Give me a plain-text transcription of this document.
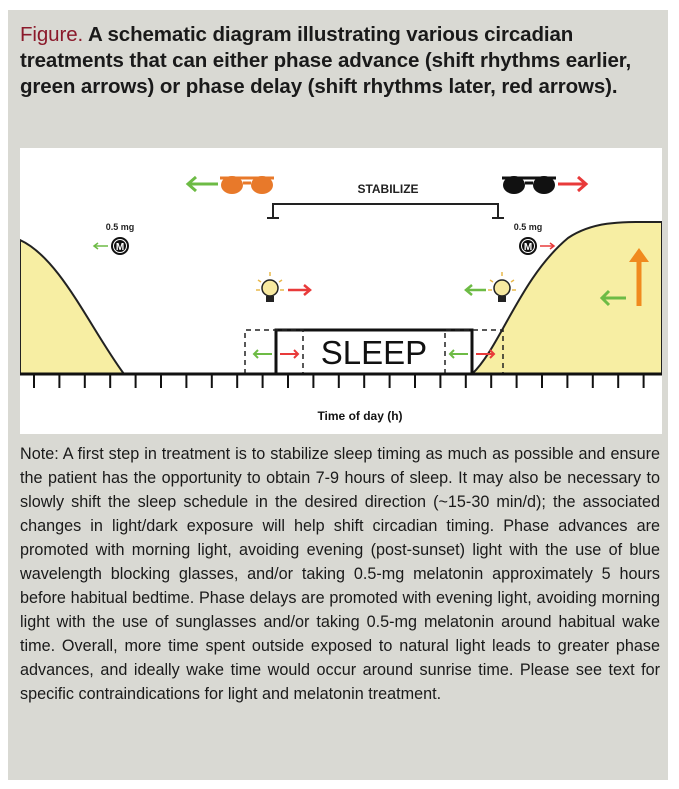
Figure. A schematic diagram illustrating various circadian treatments that can either phase advance (shift rhythms earlier, green arrows) or phase delay (shift rhythms later, red arrows).
STABILIZE
0.5 mg
M
0.5 mg
M
SLEEP
Time of day (h)
Note: A first step in treatment is to stabilize sleep timing as much as possible and ensure the patient has the opportunity to obtain 7-9 hours of sleep. It may also be necessary to slowly shift the sleep schedule in the desired direction (~15-30 min/d); the associated changes in light/dark exposure will help shift circadian timing. Phase advances are promoted with morning light, avoiding evening (post-sunset) light with the use of blue wavelength blocking glasses, and/or taking 0.5-mg melatonin approximately 5 hours before habitual bedtime. Phase delays are promoted with evening light, avoiding morning light with the use of sunglasses and/or taking 0.5-mg melatonin around habitual wake time. Overall, more time spent outside exposed to natural light leads to greater phase advances, and ideally wake time would occur around sunrise time. Please see text for specific contraindications for light and melatonin treatment.
